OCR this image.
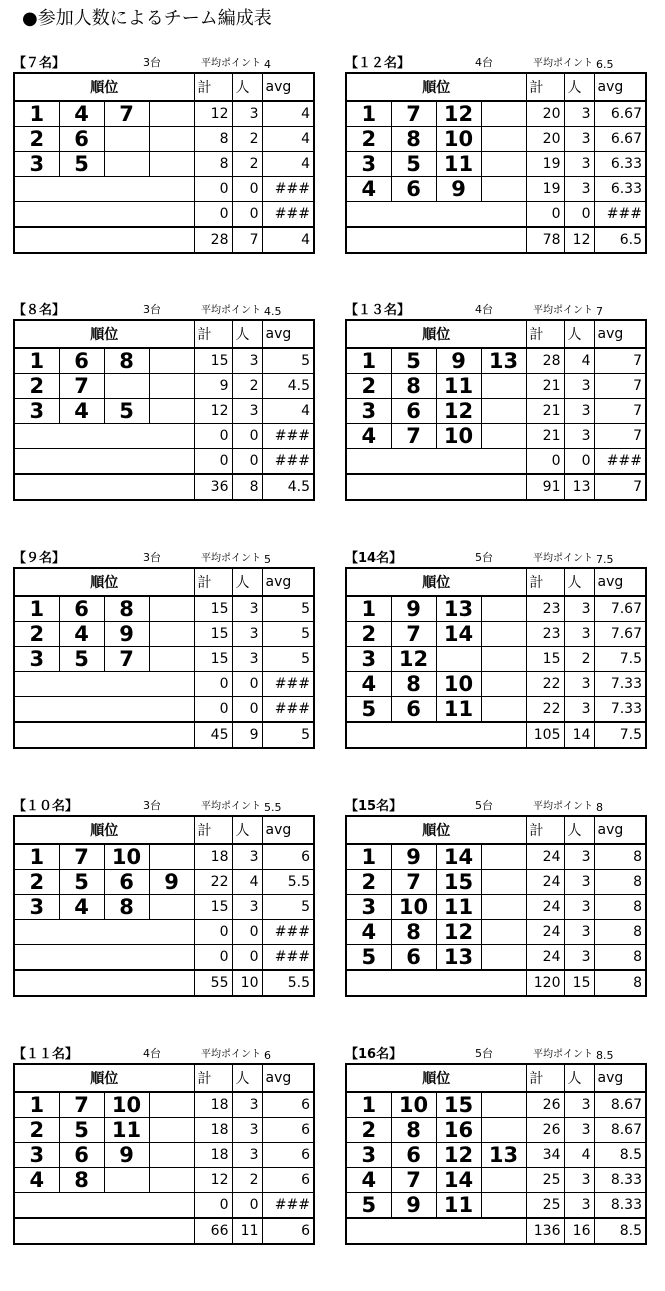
●参加人数によるチーム編成表
【７名】	3台	平均ポイント 4
順位				計	人	avg
1	4	7		12	3	4
2	6			8	2	4
3	5			8	2	4
				0	0	###
				0	0	###
				28	7	4
【１２名】	4台	平均ポイント 6.5
順位				計	人	avg
1	7	12		20	3	6.67
2	8	10		20	3	6.67
3	5	11		19	3	6.33
4	6	9		19	3	6.33
				0	0	###
				78	12	6.5
【８名】	3台	平均ポイント 4.5
順位				計	人	avg
1	6	8		15	3	5
2	7			9	2	4.5
3	4	5		12	3	4
				0	0	###
				0	0	###
				36	8	4.5
【１３名】	4台	平均ポイント 7
順位				計	人	avg
1	5	9	13	28	4	7
2	8	11		21	3	7
3	6	12		21	3	7
4	7	10		21	3	7
				0	0	###
				91	13	7
【９名】	3台	平均ポイント 5
順位				計	人	avg
1	6	8		15	3	5
2	4	9		15	3	5
3	5	7		15	3	5
				0	0	###
				0	0	###
				45	9	5
【14名】	5台	平均ポイント 7.5
順位				計	人	avg
1	9	13		23	3	7.67
2	7	14		23	3	7.67
3	12			15	2	7.5
4	8	10		22	3	7.33
5	6	11		22	3	7.33
				105	14	7.5
【１０名】	3台	平均ポイント 5.5
順位				計	人	avg
1	7	10		18	3	6
2	5	6	9	22	4	5.5
3	4	8		15	3	5
				0	0	###
				0	0	###
				55	10	5.5
【15名】	5台	平均ポイント 8
順位				計	人	avg
1	9	14		24	3	8
2	7	15		24	3	8
3	10	11		24	3	8
4	8	12		24	3	8
5	6	13		24	3	8
				120	15	8
【１１名】	4台	平均ポイント 6
順位				計	人	avg
1	7	10		18	3	6
2	5	11		18	3	6
3	6	9		18	3	6
4	8			12	2	6
				0	0	###
				66	11	6
【16名】	5台	平均ポイント 8.5
順位				計	人	avg
1	10	15		26	3	8.67
2	8	16		26	3	8.67
3	6	12	13	34	4	8.5
4	7	14		25	3	8.33
5	9	11		25	3	8.33
				136	16	8.5
